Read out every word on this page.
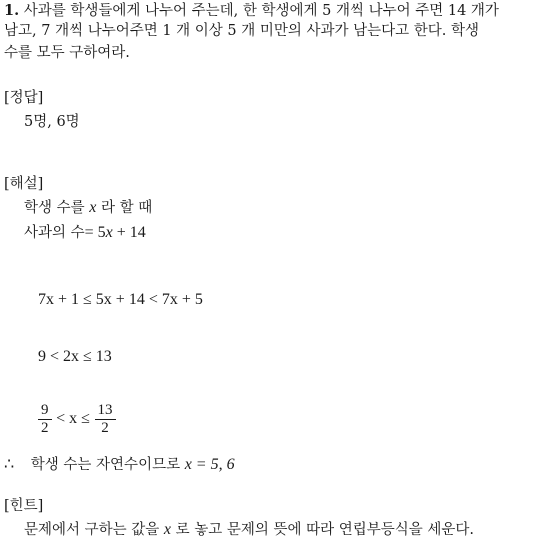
1. 사과를 학생들에게 나누어 주는데, 한 학생에게 5 개씩 나누어 주면 14 개가
남고, 7 개씩 나누어주면 1 개 이상 5 개 미만의 사과가 남는다고 한다. 학생
수를 모두 구하여라.
[정답]
5명, 6명
[해설]
학생 수를 x 라 할 때
사과의 수= 5x + 14
7x + 1 ≤ 5x + 14 < 7x + 5
9 < 2x ≤ 13
$\frac{9}{2} < x \le \frac{13}{2}$
∴ 학생 수는 자연수이므로 x = 5, 6
[힌트]
문제에서 구하는 값을 x 로 놓고 문제의 뜻에 따라 연립부등식을 세운다.
